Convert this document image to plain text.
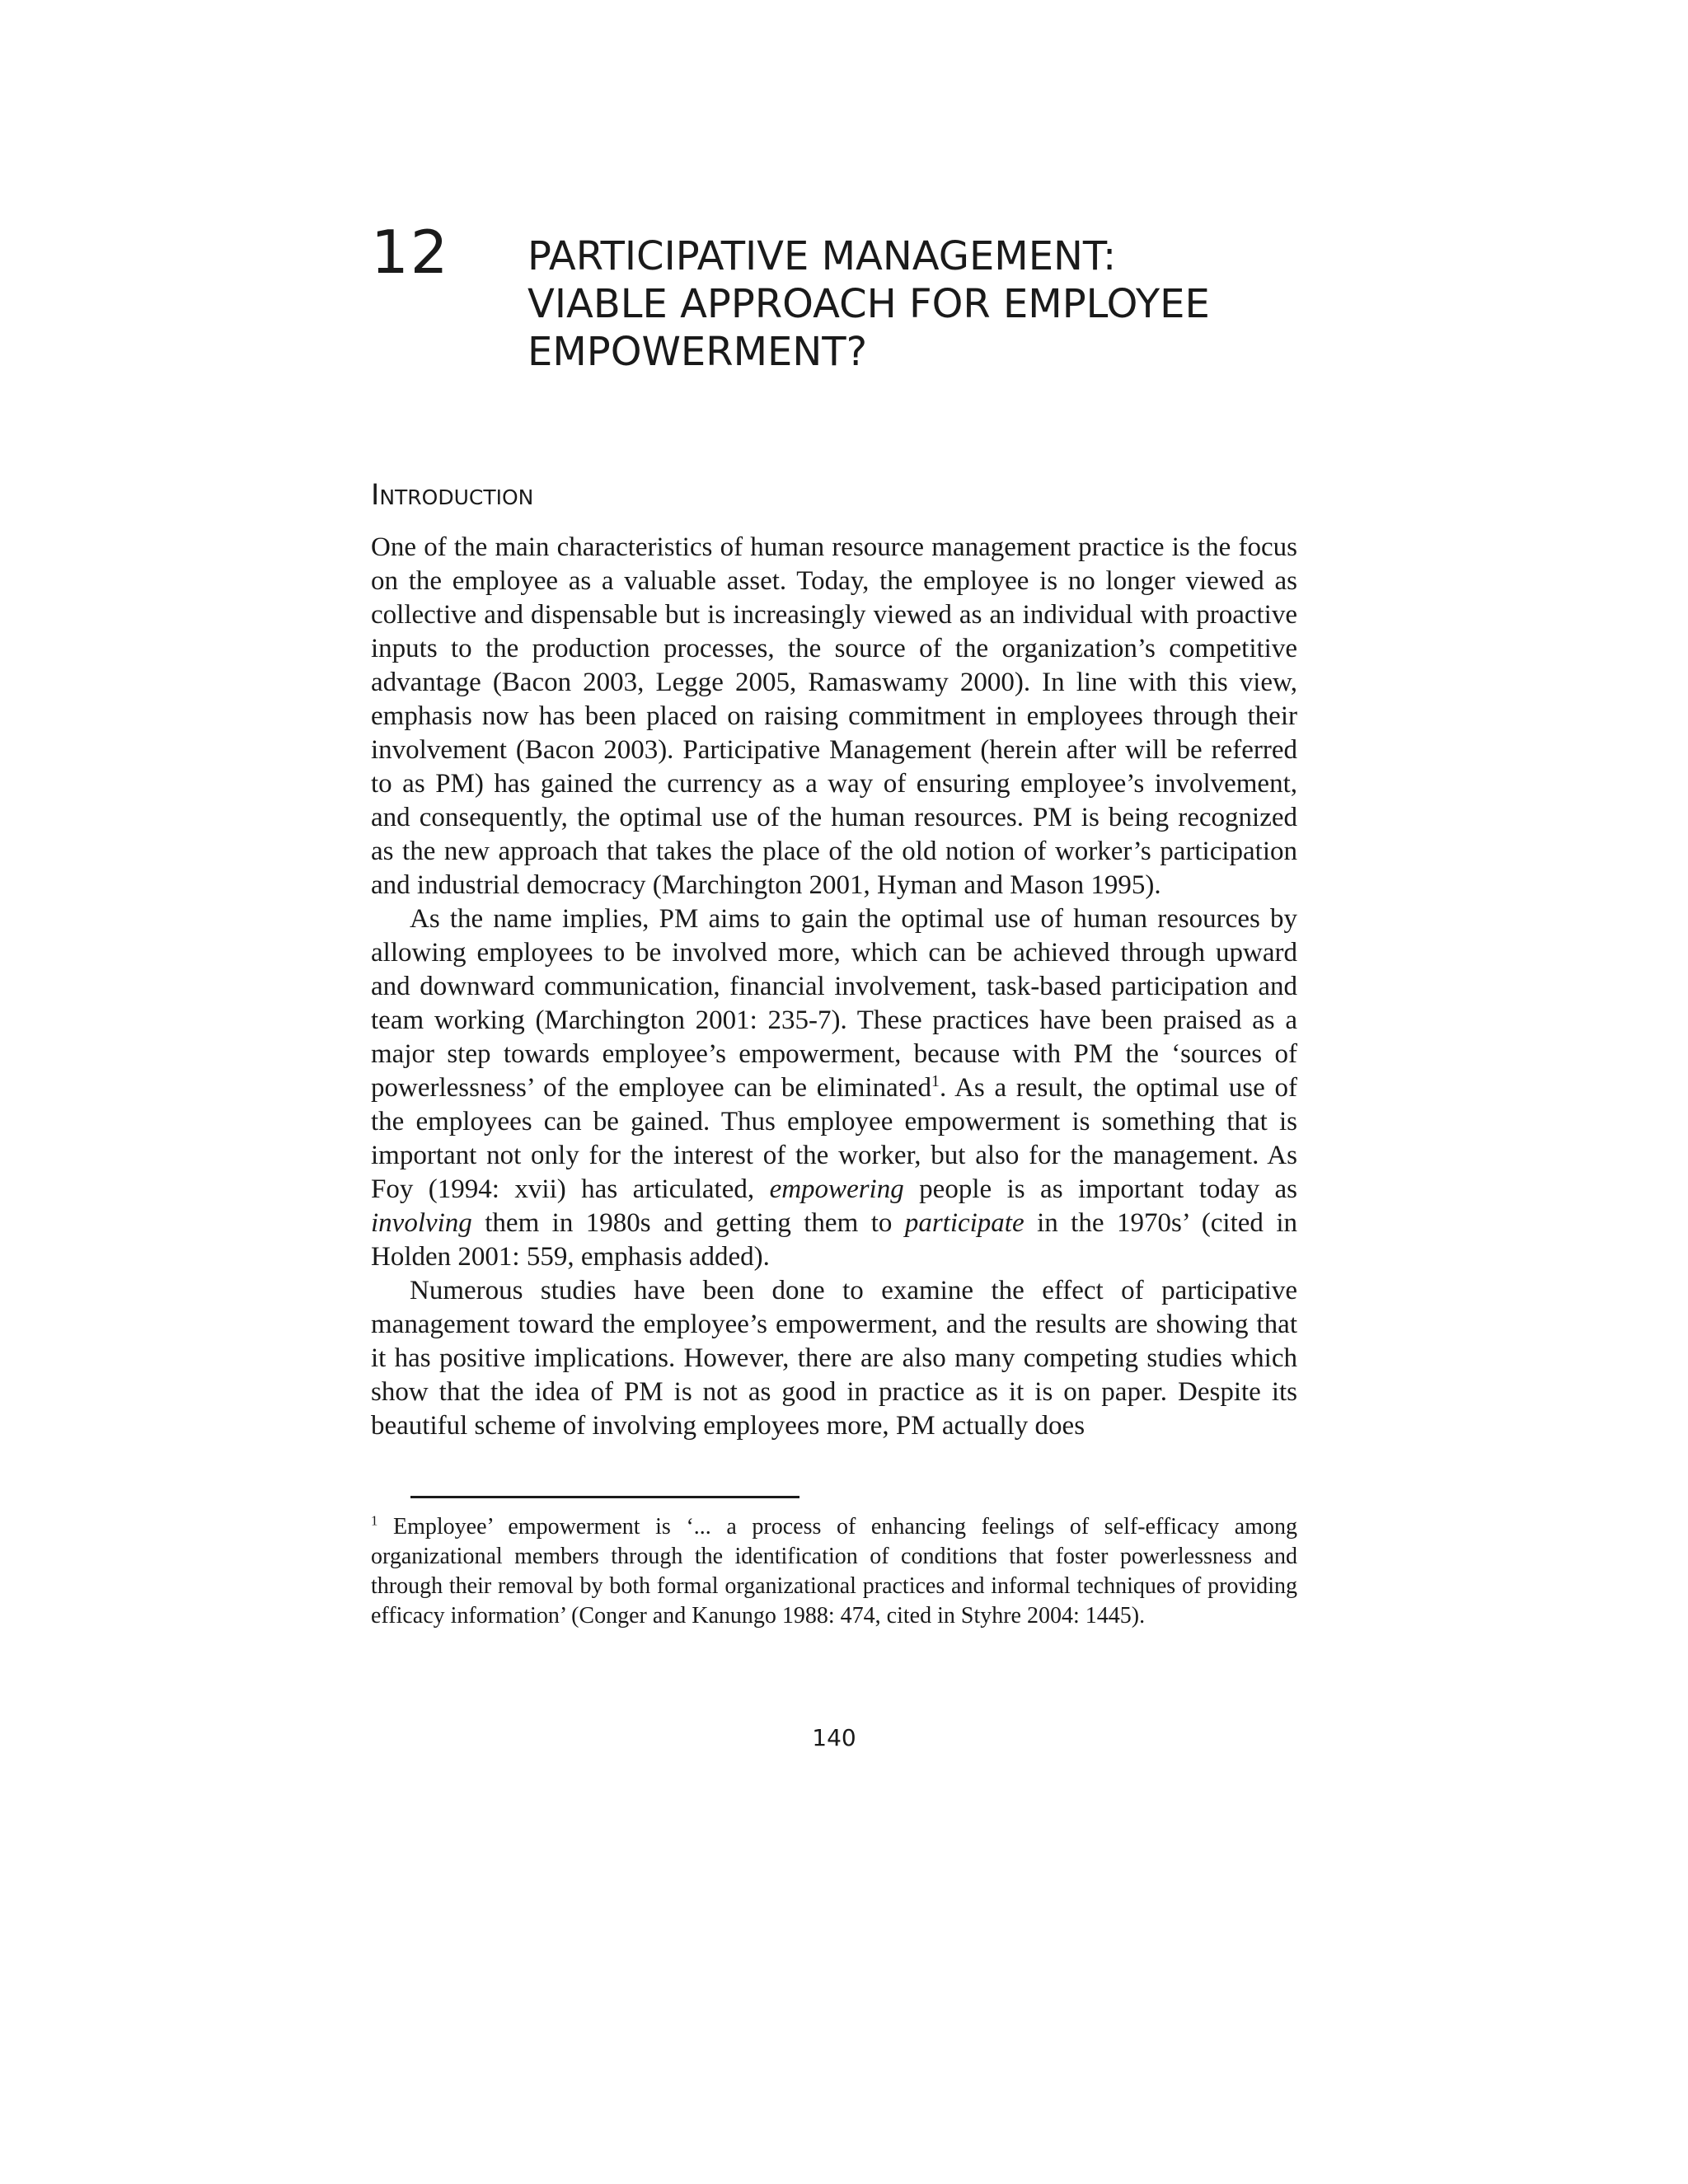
12 PARTICIPATIVE MANAGEMENT:
VIABLE APPROACH FOR EMPLOYEE
EMPOWERMENT?
Introduction

One of the main characteristics of human resource management practice is the focus on the employee as a valuable asset. Today, the employee is no longer viewed as collective and dispensable but is increasingly viewed as an individual with proactive inputs to the production processes, the source of the organization’s competitive advantage (Bacon 2003, Legge 2005, Ramaswamy 2000). In line with this view, emphasis now has been placed on raising commitment in employees through their involvement (Bacon 2003). Participative Management (herein after will be referred to as PM) has gained the currency as a way of ensuring employee’s involvement, and consequently, the optimal use of the human resources. PM is being recognized as the new approach that takes the place of the old notion of worker’s participation and industrial democracy (Marchington 2001, Hyman and Mason 1995).

As the name implies, PM aims to gain the optimal use of human resources by allowing employees to be involved more, which can be achieved through upward and downward communication, financial involvement, task-based participation and team working (Marchington 2001: 235-7). These practices have been praised as a major step towards employee’s empowerment, because with PM the ‘sources of powerlessness’ of the employee can be eliminated$^1$. As a result, the optimal use of the employees can be gained. Thus employee empowerment is something that is important not only for the interest of the worker, but also for the management. As Foy (1994: xvii) has articulated, empowering people is as important today as involving them in 1980s and getting them to participate in the 1970s’ (cited in Holden 2001: 559, emphasis added).

Numerous studies have been done to examine the effect of participative management toward the employee’s empowerment, and the results are showing that it has positive implications. However, there are also many competing studies which show that the idea of PM is not as good in practice as it is on paper. Despite its beautiful scheme of involving employees more, PM actually does

$^1$ Employee’ empowerment is ‘... a process of enhancing feelings of self-efficacy among organizational members through the identification of conditions that foster powerlessness and through their removal by both formal organizational practices and informal techniques of providing efficacy information’ (Conger and Kanungo 1988: 474, cited in Styhre 2004: 1445).

140
